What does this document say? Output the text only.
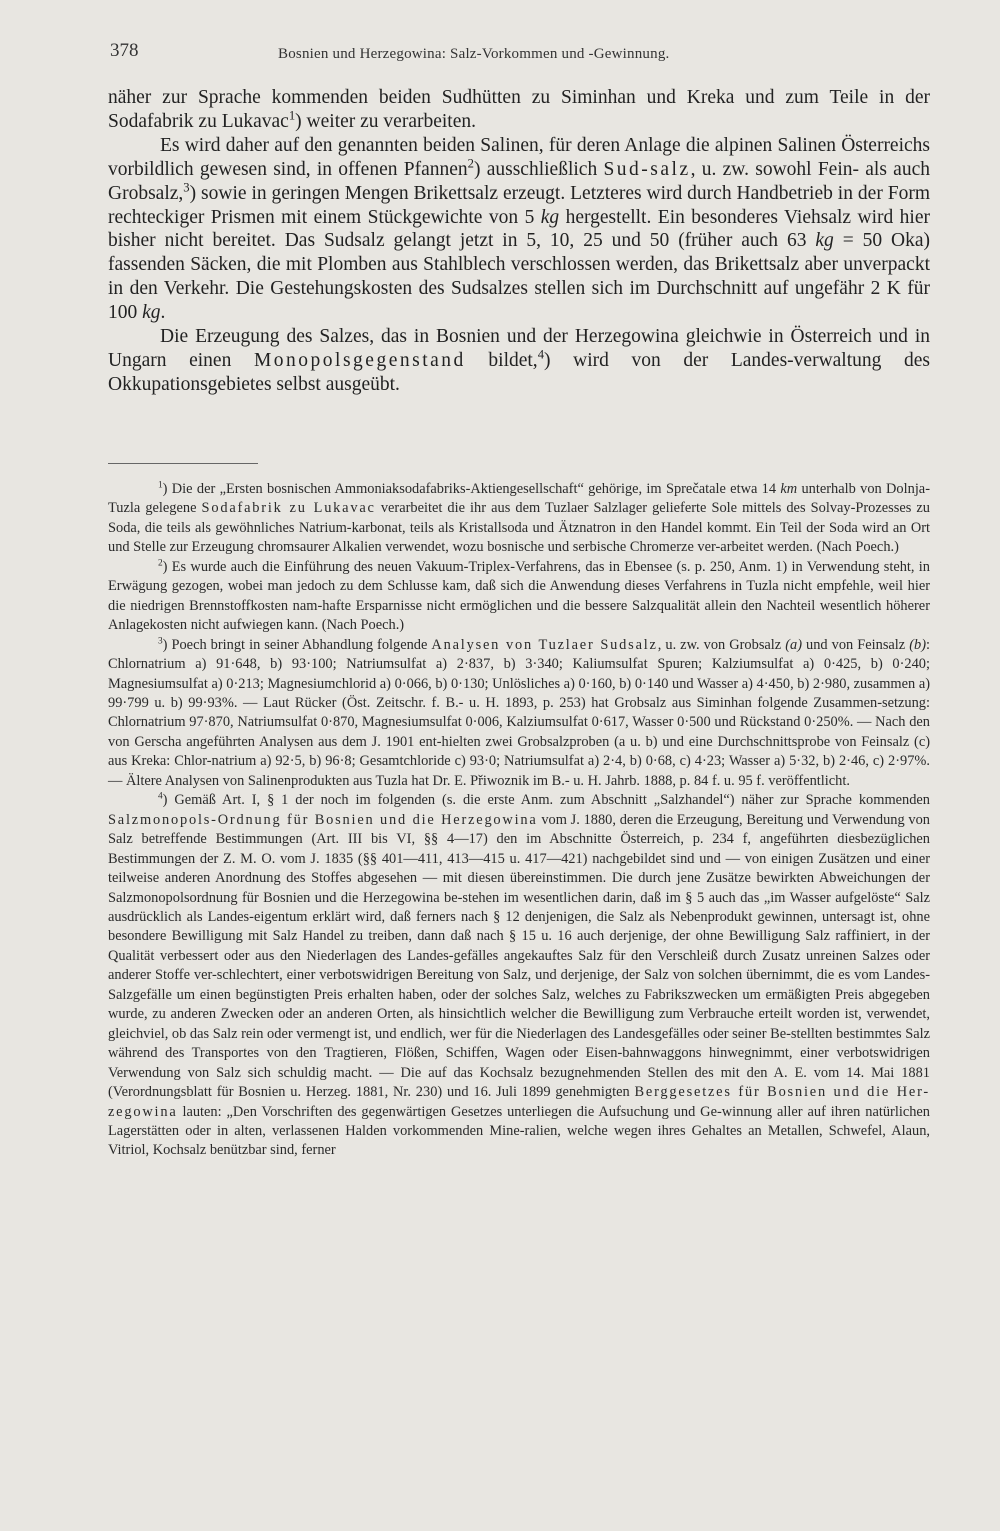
378	Bosnien und Herzegowina: Salz-Vorkommen und -Gewinnung.

näher zur Sprache kommenden beiden Sudhütten zu Siminhan und Kreka und zum Teile in der Sodafabrik zu Lukavac$^1$) weiter zu verarbeiten.

Es wird daher auf den genannten beiden Salinen, für deren Anlage die alpinen Salinen Österreichs vorbildlich gewesen sind, in offenen Pfannen$^2$) ausschließlich Sud-salz, u. zw. sowohl Fein- als auch Grobsalz,$^3$) sowie in geringen Mengen Brikettsalz erzeugt. Letzteres wird durch Handbetrieb in der Form rechteckiger Prismen mit einem Stückgewichte von 5 kg hergestellt. Ein besonderes Viehsalz wird hier bisher nicht bereitet. Das Sudsalz gelangt jetzt in 5, 10, 25 und 50 (früher auch 63 kg = 50 Oka) fassenden Säcken, die mit Plomben aus Stahlblech verschlossen werden, das Brikettsalz aber unverpackt in den Verkehr. Die Gestehungskosten des Sudsalzes stellen sich im Durchschnitt auf ungefähr 2 K für 100 kg.

Die Erzeugung des Salzes, das in Bosnien und der Herzegowina gleichwie in Österreich und in Ungarn einen Monopolsgegenstand bildet,$^4$) wird von der Landes-verwaltung des Okkupationsgebietes selbst ausgeübt.

$^1$) Die der „Ersten bosnischen Ammoniaksodafabriks-Aktiengesellschaft“ gehörige, im Sprečatale etwa 14 km unterhalb von Dolnja-Tuzla gelegene Sodafabrik zu Lukavac verarbeitet die ihr aus dem Tuzlaer Salzlager gelieferte Sole mittels des Solvay-Prozesses zu Soda, die teils als gewöhnliches Natrium-karbonat, teils als Kristallsoda und Ätznatron in den Handel kommt. Ein Teil der Soda wird an Ort und Stelle zur Erzeugung chromsaurer Alkalien verwendet, wozu bosnische und serbische Chromerze ver-arbeitet werden. (Nach Poech.)

$^2$) Es wurde auch die Einführung des neuen Vakuum-Triplex-Verfahrens, das in Ebensee (s. p. 250, Anm. 1) in Verwendung steht, in Erwägung gezogen, wobei man jedoch zu dem Schlusse kam, daß sich die Anwendung dieses Verfahrens in Tuzla nicht empfehle, weil hier die niedrigen Brennstoffkosten nam-hafte Ersparnisse nicht ermöglichen und die bessere Salzqualität allein den Nachteil wesentlich höherer Anlagekosten nicht aufwiegen kann. (Nach Poech.)

$^3$) Poech bringt in seiner Abhandlung folgende Analysen von Tuzlaer Sudsalz, u. zw. von Grobsalz (a) und von Feinsalz (b): Chlornatrium a) 91·648, b) 93·100; Natriumsulfat a) 2·837, b) 3·340; Kaliumsulfat Spuren; Kalziumsulfat a) 0·425, b) 0·240; Magnesiumsulfat a) 0·213; Magnesiumchlorid a) 0·066, b) 0·130; Unlösliches a) 0·160, b) 0·140 und Wasser a) 4·450, b) 2·980, zusammen a) 99·799 u. b) 99·93%. — Laut Rücker (Öst. Zeitschr. f. B.- u. H. 1893, p. 253) hat Grobsalz aus Siminhan folgende Zusammen-setzung: Chlornatrium 97·870, Natriumsulfat 0·870, Magnesiumsulfat 0·006, Kalziumsulfat 0·617, Wasser 0·500 und Rückstand 0·250%. — Nach den von Gerscha angeführten Analysen aus dem J. 1901 ent-hielten zwei Grobsalzproben (a u. b) und eine Durchschnittsprobe von Feinsalz (c) aus Kreka: Chlor-natrium a) 92·5, b) 96·8; Gesamtchloride c) 93·0; Natriumsulfat a) 2·4, b) 0·68, c) 4·23; Wasser a) 5·32, b) 2·46, c) 2·97%. — Ältere Analysen von Salinenprodukten aus Tuzla hat Dr. E. Přiwoznik im B.- u. H. Jahrb. 1888, p. 84 f. u. 95 f. veröffentlicht.

$^4$) Gemäß Art. I, § 1 der noch im folgenden (s. die erste Anm. zum Abschnitt „Salzhandel“) näher zur Sprache kommenden Salzmonopols-Ordnung für Bosnien und die Herzegowina vom J. 1880, deren die Erzeugung, Bereitung und Verwendung von Salz betreffende Bestimmungen (Art. III bis VI, §§ 4—17) den im Abschnitte Österreich, p. 234 f, angeführten diesbezüglichen Bestimmungen der Z. M. O. vom J. 1835 (§§ 401—411, 413—415 u. 417—421) nachgebildet sind und — von einigen Zusätzen und einer teilweise anderen Anordnung des Stoffes abgesehen — mit diesen übereinstimmen. Die durch jene Zusätze bewirkten Abweichungen der Salzmonopolsordnung für Bosnien und die Herzegowina be-stehen im wesentlichen darin, daß im § 5 auch das „im Wasser aufgelöste“ Salz ausdrücklich als Landes-eigentum erklärt wird, daß ferners nach § 12 denjenigen, die Salz als Nebenprodukt gewinnen, untersagt ist, ohne besondere Bewilligung mit Salz Handel zu treiben, dann daß nach § 15 u. 16 auch derjenige, der ohne Bewilligung Salz raffiniert, in der Qualität verbessert oder aus den Niederlagen des Landes-gefälles angekauftes Salz für den Verschleiß durch Zusatz unreinen Salzes oder anderer Stoffe ver-schlechtert, einer verbotswidrigen Bereitung von Salz, und derjenige, der Salz von solchen übernimmt, die es vom Landes-Salzgefälle um einen begünstigten Preis erhalten haben, oder der solches Salz, welches zu Fabrikszwecken um ermäßigten Preis abgegeben wurde, zu anderen Zwecken oder an anderen Orten, als hinsichtlich welcher die Bewilligung zum Verbrauche erteilt worden ist, verwendet, gleichviel, ob das Salz rein oder vermengt ist, und endlich, wer für die Niederlagen des Landesgefälles oder seiner Be-stellten bestimmtes Salz während des Transportes von den Tragtieren, Flößen, Schiffen, Wagen oder Eisen-bahnwaggons hinwegnimmt, einer verbotswidrigen Verwendung von Salz sich schuldig macht. — Die auf das Kochsalz bezugnehmenden Stellen des mit den A. E. vom 14. Mai 1881 (Verordnungsblatt für Bosnien u. Herzeg. 1881, Nr. 230) und 16. Juli 1899 genehmigten Berggesetzes für Bosnien und die Her-zegowina lauten: „Den Vorschriften des gegenwärtigen Gesetzes unterliegen die Aufsuchung und Ge-winnung aller auf ihren natürlichen Lagerstätten oder in alten, verlassenen Halden vorkommenden Mine-ralien, welche wegen ihres Gehaltes an Metallen, Schwefel, Alaun, Vitriol, Kochsalz benützbar sind, ferner
